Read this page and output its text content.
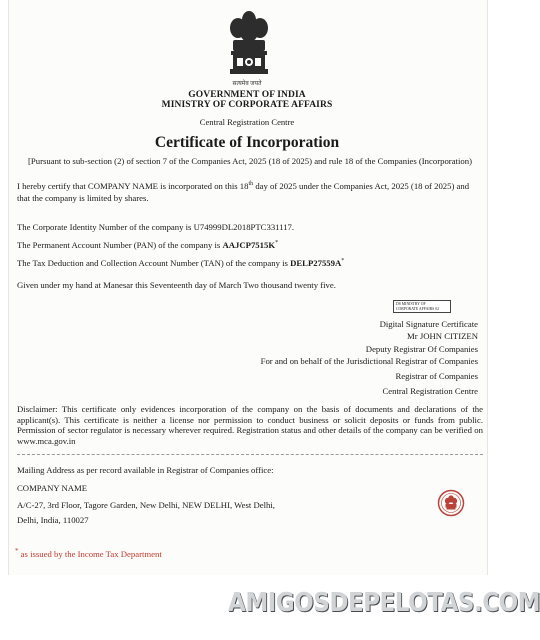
सत्यमेव जयते
GOVERNMENT OF INDIA
MINISTRY OF CORPORATE AFFAIRS
Central Registration Centre
Certificate of Incorporation
[Pursuant to sub-section (2) of section 7 of the Companies Act, 2025 (18 of 2025) and rule 18 of the Companies (Incorporation)
I hereby certify that COMPANY NAME is incorporated on this 18th day of 2025 under the Companies Act, 2025 (18 of 2025) and that the company is limited by shares.
The Corporate Identity Number of the company is U74999DL2018PTC331117.
The Permanent Account Number (PAN) of the company is AAJCP7515K*
The Tax Deduction and Collection Account Number (TAN) of the company is DELP27559A*
Given under my hand at Manesar this Seventeenth day of March Two thousand twenty five.
DS MINISTRY OF
CORPORATE AFFAIRS 02
Digital Signature Certificate
Mr JOHN CITIZEN
Deputy Registrar Of Companies
For and on behalf of the Jurisdictional Registrar of Companies
Registrar of Companies
Central Registration Centre
Disclaimer: This certificate only evidences incorporation of the company on the basis of documents and declarations of the applicant(s). This certificate is neither a license nor permission to conduct business or solicit deposits or funds from public. Permission of sector regulator is necessary wherever required. Registration status and other details of the company can be verified on www.mca.gov.in
Mailing Address as per record available in Registrar of Companies office:
COMPANY NAME
A/C-27, 3rd Floor, Tagore Garden, New Delhi, NEW DELHI, West Delhi,
Delhi, India, 110027
* as issued by the Income Tax Department
AMIGOSDEPELOTAS.COM
